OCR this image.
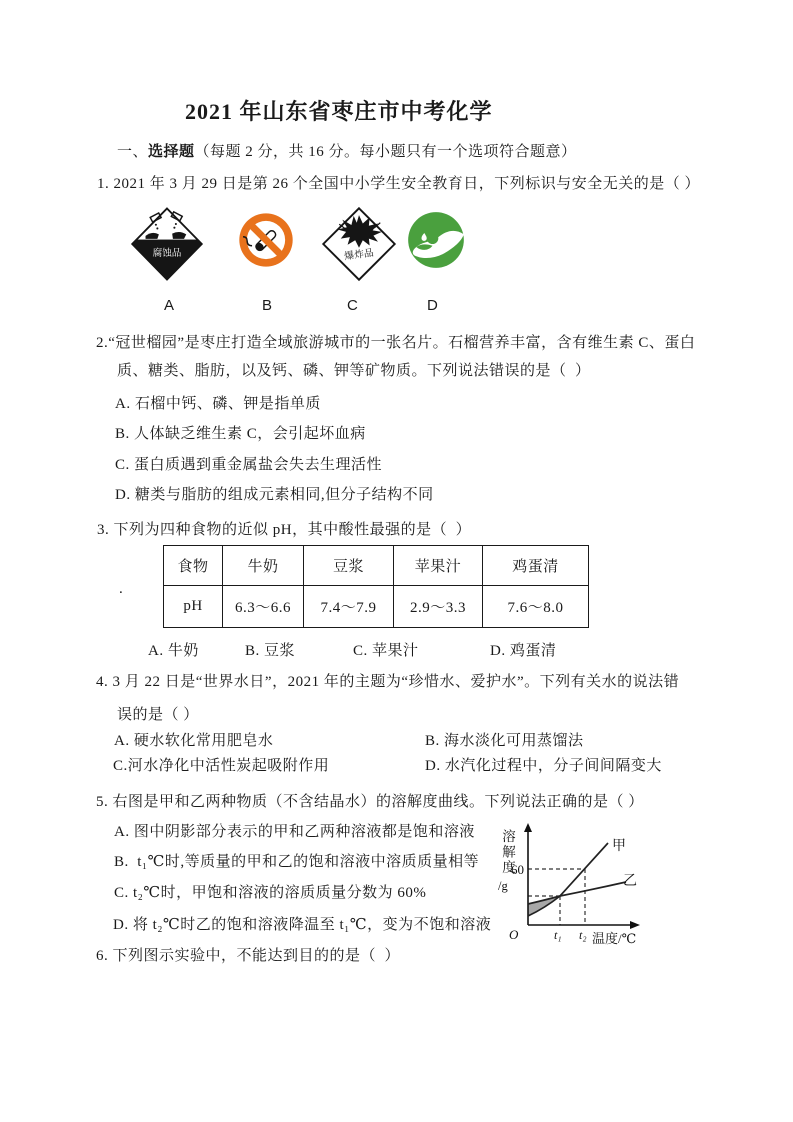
2021 年山东省枣庄市中考化学
一、选择题（每题 2 分，共 16 分。每小题只有一个选项符合题意）
1. 2021 年 3 月 29 日是第 26 个全国中小学生安全教育日，下列标识与安全无关的是（ ）
腐蚀品	爆炸品
A	B	C	D
2.“冠世榴园”是枣庄打造全域旅游城市的一张名片。石榴营养丰富，含有维生素 C、蛋白
质、糖类、脂肪，以及钙、磷、钾等矿物质。下列说法错误的是（  ）
A. 石榴中钙、磷、钾是指单质
B. 人体缺乏维生素 C，会引起坏血病
C. 蛋白质遇到重金属盐会失去生理活性
D. 糖类与脂肪的组成元素相同,但分子结构不同
3. 下列为四种食物的近似 pH，其中酸性最强的是（  ）
.
食物	牛奶	豆浆	苹果汁	鸡蛋清
pH	6.3～6.6	7.4～7.9	2.9～3.3	7.6～8.0
A. 牛奶	B. 豆浆	C. 苹果汁	D. 鸡蛋清
4. 3 月 22 日是“世界水日”，2021 年的主题为“珍惜水、爱护水”。下列有关水的说法错
误的是（ ）
A. 硬水软化常用肥皂水	B. 海水淡化可用蒸馏法
C.河水净化中活性炭起吸附作用	D. 水汽化过程中，分子间间隔变大
5. 右图是甲和乙两种物质（不含结晶水）的溶解度曲线。下列说法正确的是（ ）
A. 图中阴影部分表示的甲和乙两种溶液都是饱和溶液
B.  t₁℃时,等质量的甲和乙的饱和溶液中溶质质量相等
C. t₂℃时，甲饱和溶液的溶质质量分数为 60%
D. 将 t₂℃时乙的饱和溶液降温至 t₁℃，变为不饱和溶液
溶解度
60
/g
O	t₁ t₂ 温度/℃
甲
乙
6. 下列图示实验中，不能达到目的的是（  ）
